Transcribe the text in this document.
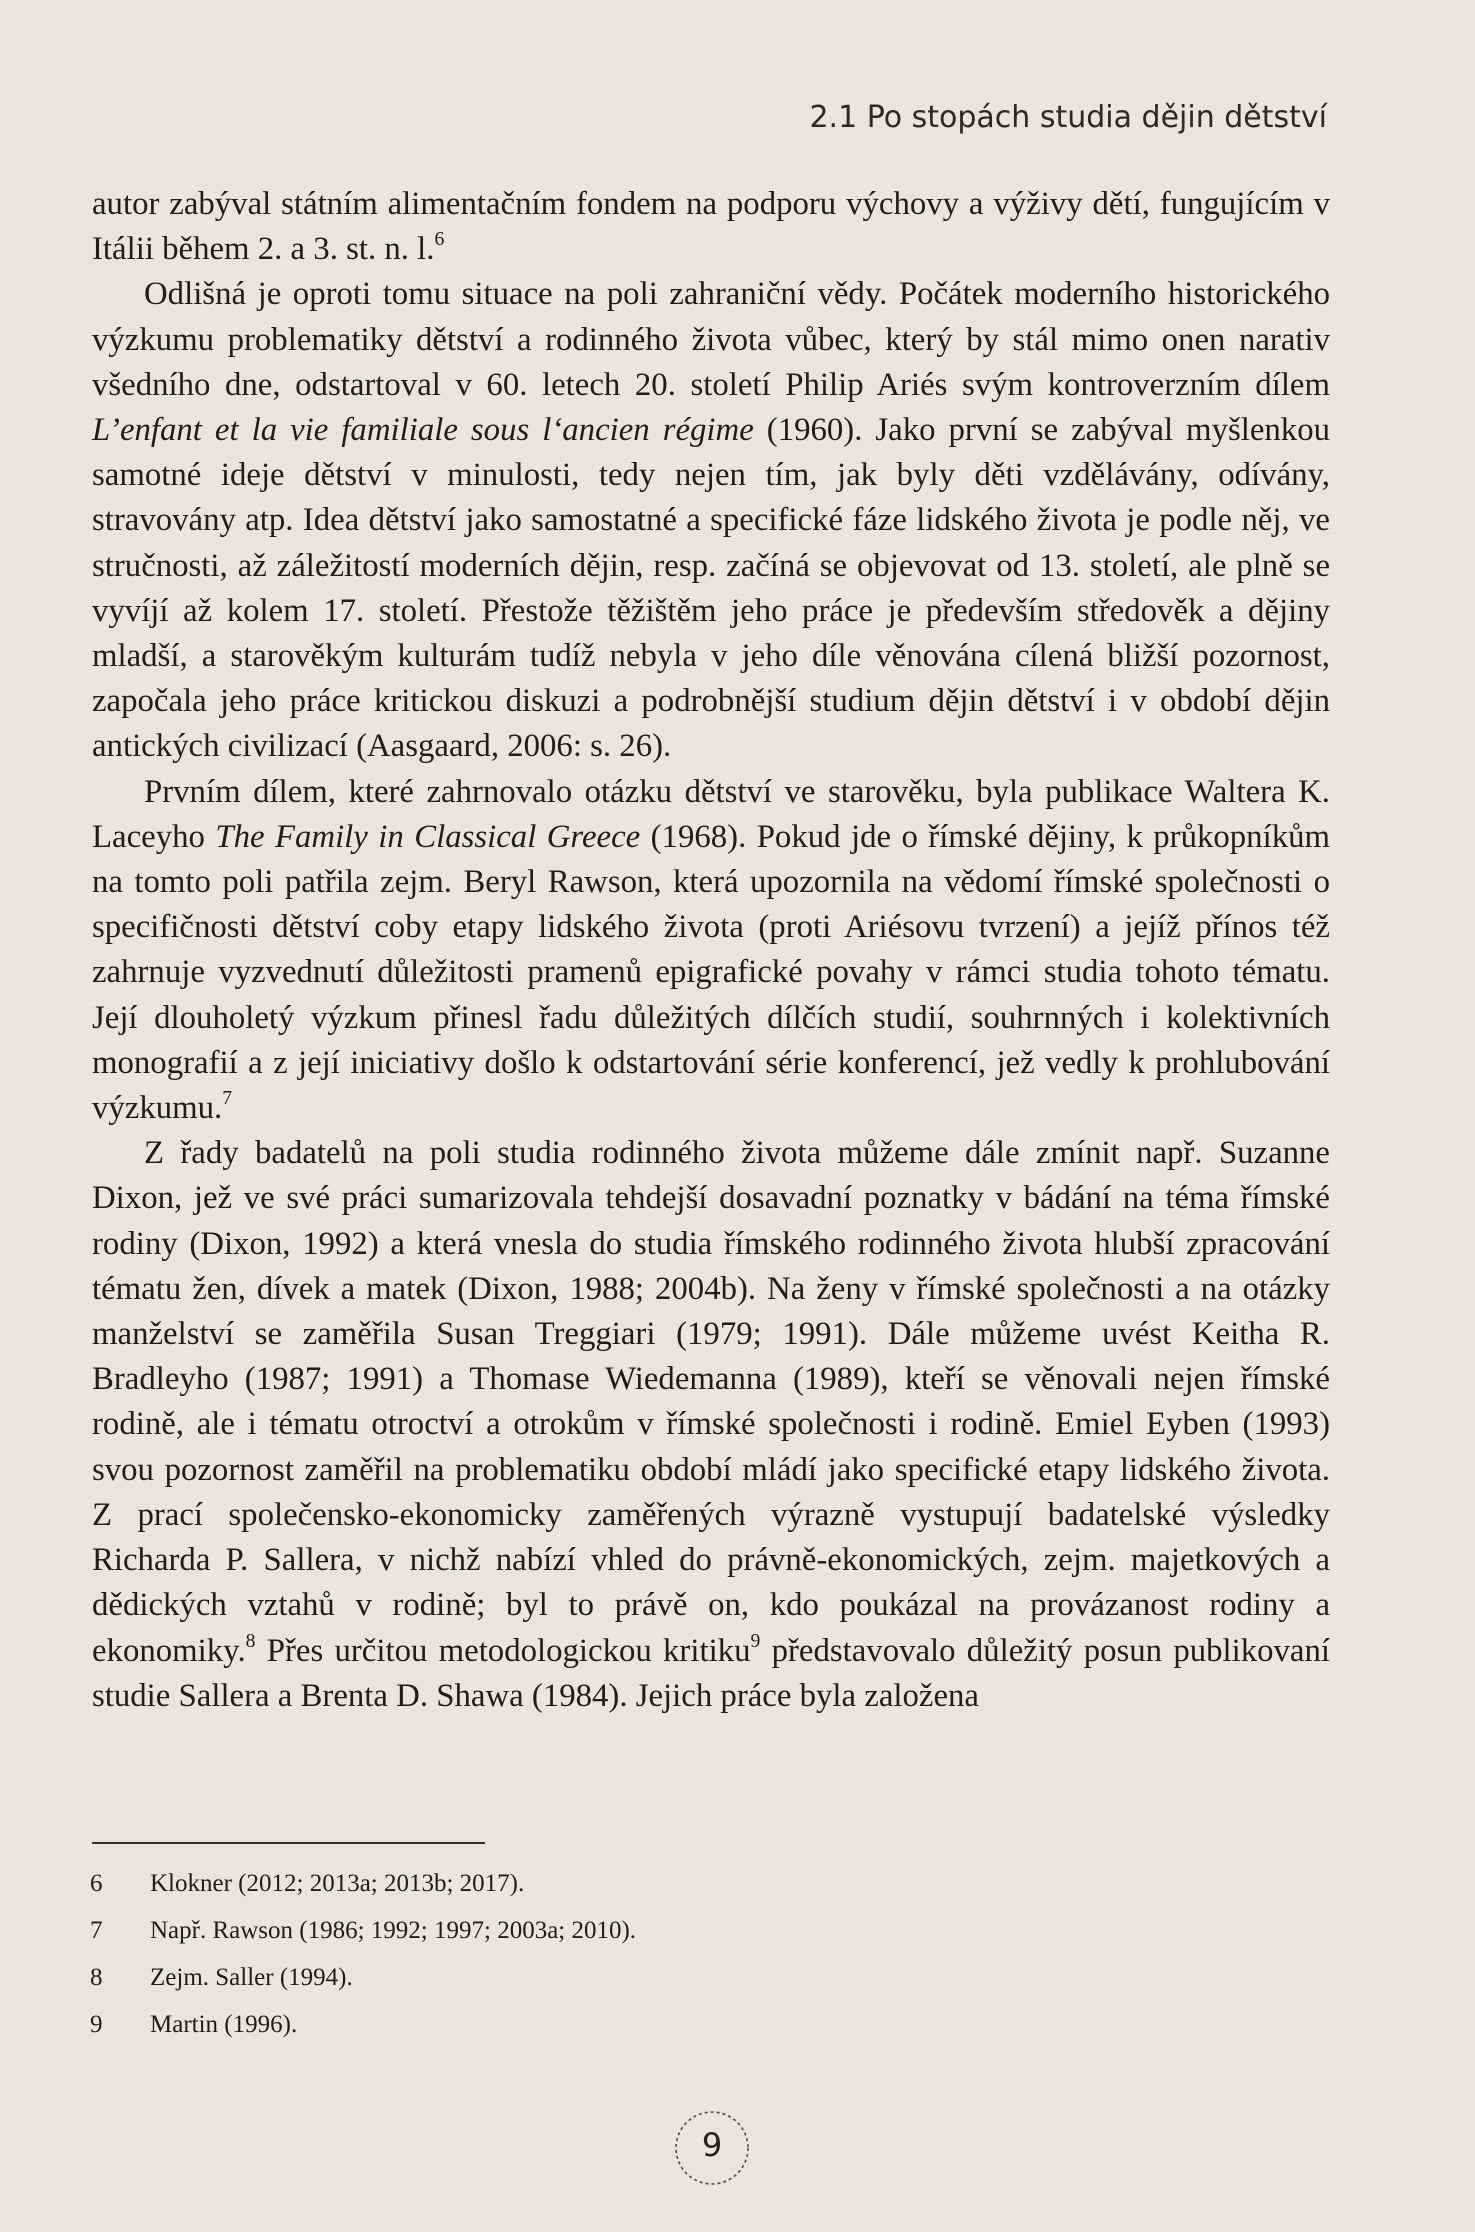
2.1 Po stopách studia dějin dětství

autor zabýval státním alimentačním fondem na podporu výchovy a výživy dětí, fungujícím v Itálii během 2. a 3. st. n. l.$^6$

Odlišná je oproti tomu situace na poli zahraniční vědy. Počátek moderního historického výzkumu problematiky dětství a rodinného života vůbec, který by stál mimo onen narativ všedního dne, odstartoval v 60. letech 20. století Philip Ariés svým kontroverzním dílem L’enfant et la vie familiale sous l‘ancien régime (1960). Jako první se zabýval myšlenkou samotné ideje dětství v minulosti, tedy nejen tím, jak byly děti vzdělávány, odívány, stravovány atp. Idea dětství jako samostatné a specifické fáze lidského života je podle něj, ve stručnosti, až záležitostí moderních dějin, resp. začíná se objevovat od 13. století, ale plně se vyvíjí až kolem 17. století. Přestože těžištěm jeho práce je především středověk a dějiny mladší, a starověkým kulturám tudíž nebyla v jeho díle věnována cílená bližší pozornost, započala jeho práce kritickou diskuzi a podrobnější studium dějin dětství i v období dějin antických civilizací (Aasgaard, 2006: s. 26).

Prvním dílem, které zahrnovalo otázku dětství ve starověku, byla publikace Waltera K. Laceyho The Family in Classical Greece (1968). Pokud jde o římské dějiny, k průkopníkům na tomto poli patřila zejm. Beryl Rawson, která upozornila na vědomí římské společnosti o specifičnosti dětství coby etapy lidského života (proti Ariésovu tvrzení) a jejíž přínos též zahrnuje vyzvednutí důležitosti pramenů epigrafické povahy v rámci studia tohoto tématu. Její dlouholetý výzkum přinesl řadu důležitých dílčích studií, souhrnných i kolektivních monografií a z její iniciativy došlo k odstartování série konferencí, jež vedly k prohlubování výzkumu.$^7$

Z řady badatelů na poli studia rodinného života můžeme dále zmínit např. Suzanne Dixon, jež ve své práci sumarizovala tehdejší dosavadní poznatky v bádání na téma římské rodiny (Dixon, 1992) a která vnesla do studia římského rodinného života hlubší zpracování tématu žen, dívek a matek (Dixon, 1988; 2004b). Na ženy v římské společnosti a na otázky manželství se zaměřila Susan Treggiari (1979; 1991). Dále můžeme uvést Keitha R. Bradleyho (1987; 1991) a Thomase Wiedemanna (1989), kteří se věnovali nejen římské rodině, ale i tématu otroctví a otrokům v římské společnosti i rodině. Emiel Eyben (1993) svou pozornost zaměřil na problematiku období mládí jako specifické etapy lidského života. Z prací společensko-ekonomicky zaměřených výrazně vystupují badatelské výsledky Richarda P. Sallera, v nichž nabízí vhled do právně-ekonomických, zejm. majetkových a dědických vztahů v rodině; byl to právě on, kdo poukázal na provázanost rodiny a ekonomiky.$^8$ Přes určitou metodologickou kritiku$^9$ představovalo důležitý posun publikovaní studie Sallera a Brenta D. Shawa (1984). Jejich práce byla založena

6	Klokner (2012; 2013a; 2013b; 2017).
7	Např. Rawson (1986; 1992; 1997; 2003a; 2010).
8	Zejm. Saller (1994).
9	Martin (1996).
9
